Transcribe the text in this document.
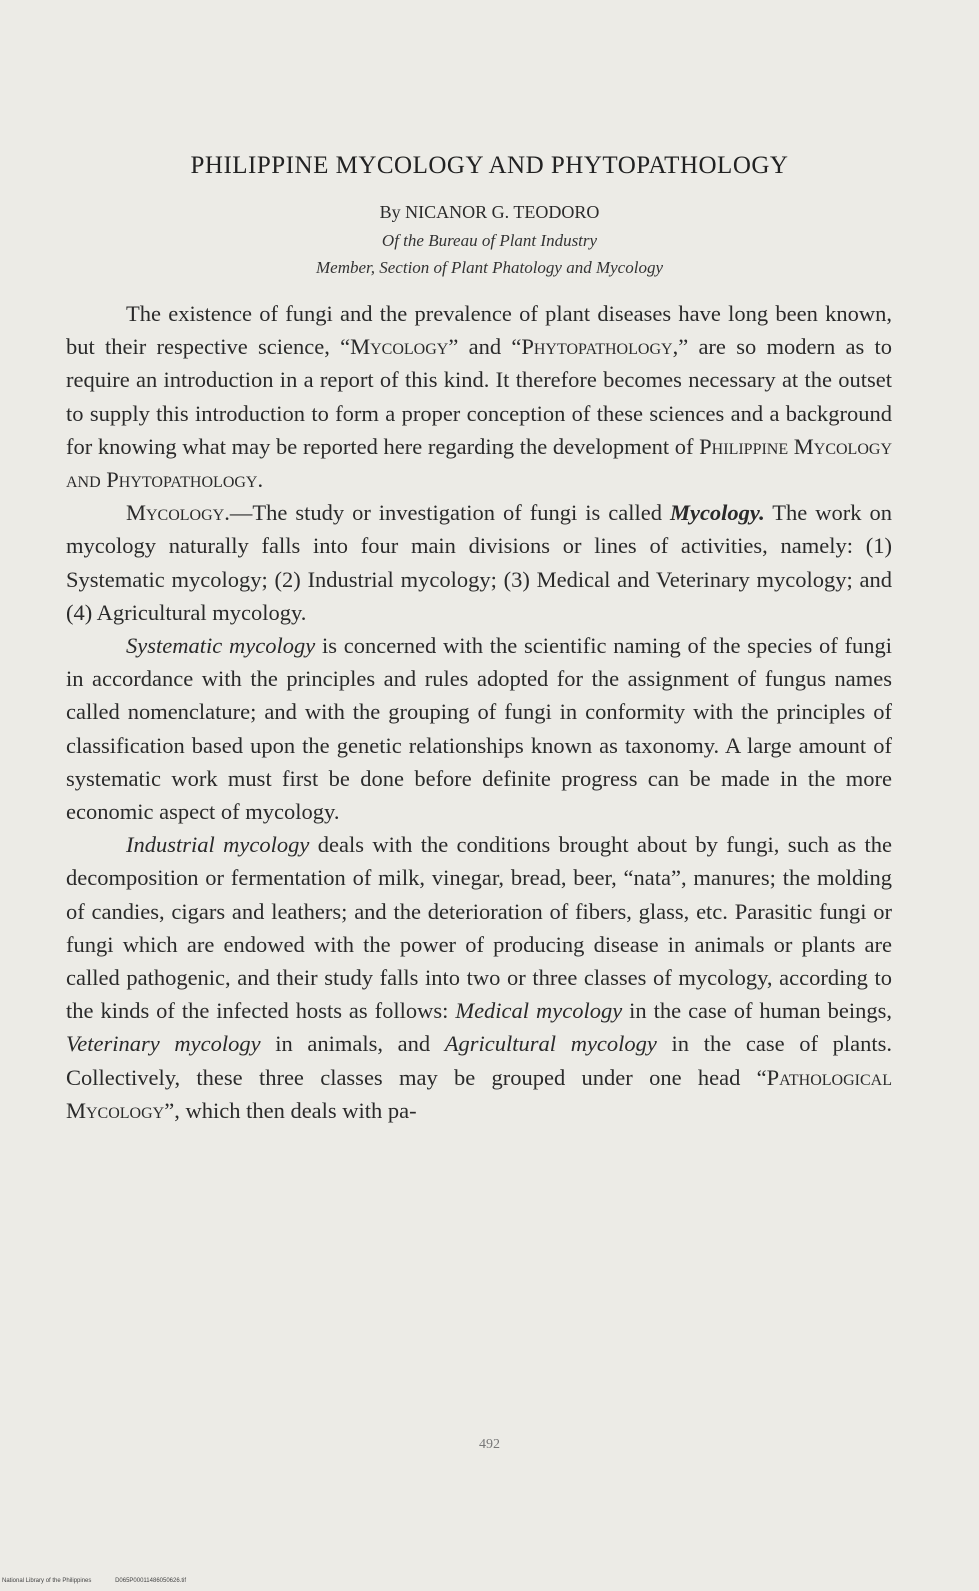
PHILIPPINE MYCOLOGY AND PHYTOPATHOLOGY
By NICANOR G. TEODORO
Of the Bureau of Plant Industry
Member, Section of Plant Phatology and Mycology

The existence of fungi and the prevalence of plant diseases have long been known, but their respective science, “Mycology” and “Phytopathology,” are so modern as to require an introduction in a report of this kind. It therefore becomes necessary at the outset to supply this introduction to form a proper conception of these sciences and a background for knowing what may be reported here regarding the development of Philippine Mycology and Phytopathology.

Mycology.—The study or investigation of fungi is called Mycology. The work on mycology naturally falls into four main divisions or lines of activities, namely: (1) Systematic mycology; (2) Industrial mycology; (3) Medical and Veterinary mycology; and (4) Agricultural mycology.

Systematic mycology is concerned with the scientific naming of the species of fungi in accordance with the principles and rules adopted for the assignment of fungus names called nomenclature; and with the grouping of fungi in conformity with the principles of classification based upon the genetic relationships known as taxonomy. A large amount of systematic work must first be done before definite progress can be made in the more economic aspect of mycology.

Industrial mycology deals with the conditions brought about by fungi, such as the decomposition or fermentation of milk, vinegar, bread, beer, “nata”, manures; the molding of candies, cigars and leathers; and the deterioration of fibers, glass, etc. Parasitic fungi or fungi which are endowed with the power of producing disease in animals or plants are called pathogenic, and their study falls into two or three classes of mycology, according to the kinds of the infected hosts as follows: Medical mycology in the case of human beings, Veterinary mycology in animals, and Agricultural mycology in the case of plants. Collectively, these three classes may be grouped under one head “Pathological Mycology”, which then deals with pa-

492
National Library of the Philippines	D065P00011486050626.tif
